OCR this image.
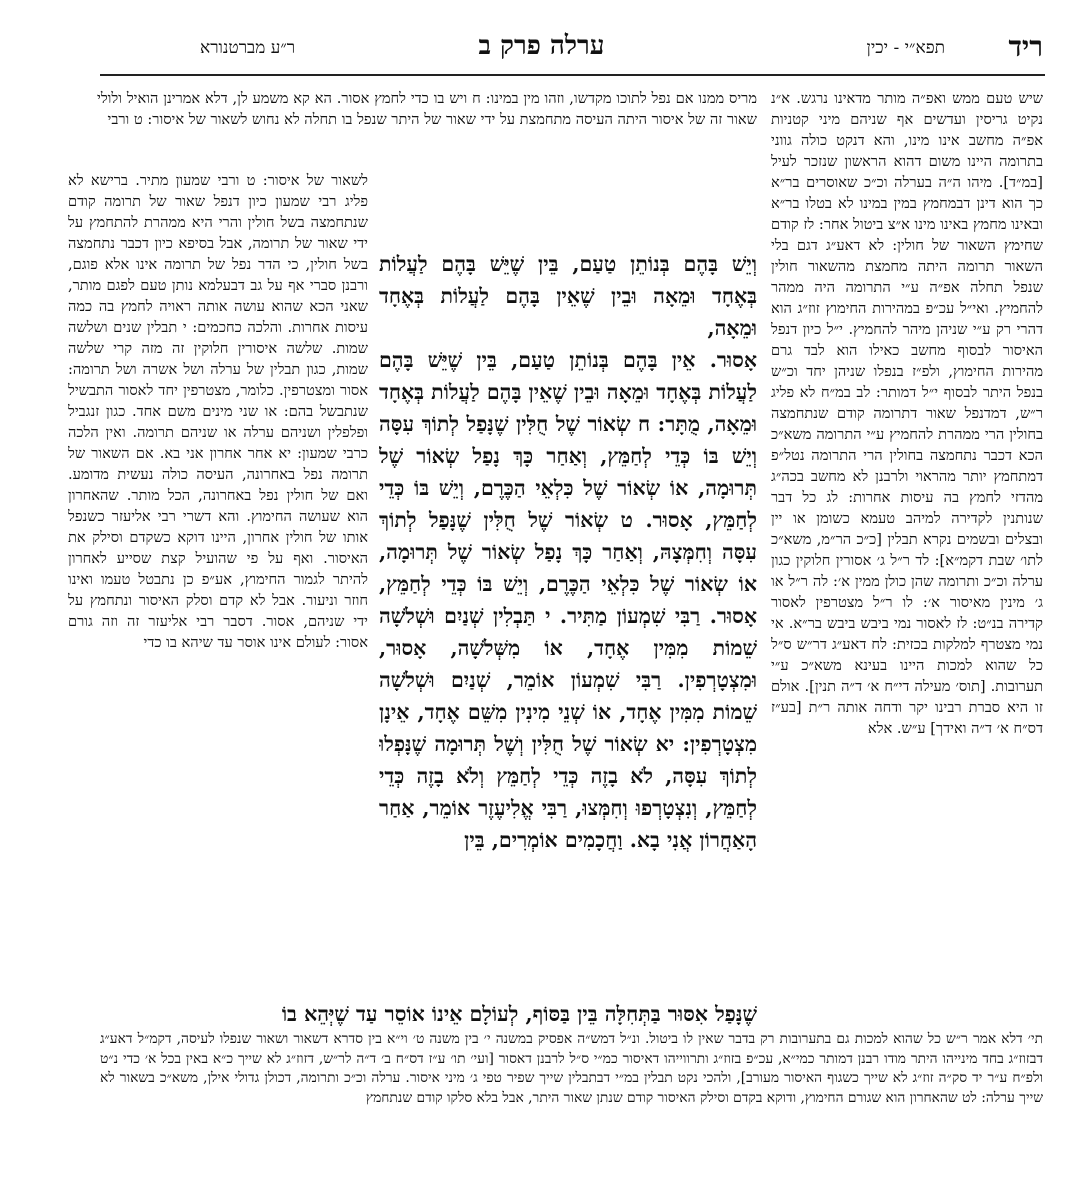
ריד
תפא״י - יכין
ערלה פרק ב
ר״ע מברטנורא

שיש טעם ממש ואפ״ה מותר מדאינו נרגש. א״נ נקיט גריסין ועדשים אף שניהם מיני קטניות אפ״ה מחשב אינו מינו, והא דנקט כולה גווני בתרומה היינו משום דהוא הראשון שנזכר לעיל [במ״ד]. מיהו ה״ה בערלה וכ״כ שאוסרים בר״א כך הוא דינן דבמחמץ במין במינו לא בטלו בר״א ובאינו מחמץ באינו מינו א״צ ביטול אחר: לז קודם שחימץ השאור של חולין: לא דאע״ג דגם בלי השאור תרומה היתה מחמצת מהשאור חולין שנפל תחלה אפ״ה ע״י התרומה היה ממהר להחמיץ. ואי״ל עכ״פ במהירות החימוץ זוז״ג הוא דהרי רק ע״י שניהן מיהר להחמיץ. י״ל כיון דנפל האיסור לבסוף מחשב כאילו הוא לבד גרם מהירות החימוץ, ולפ״ז בנפלו שניהן יחד וכ״ש בנפל היתר לבסוף י״ל דמותר: לב במ״ח לא פליג ר״ש, דמדנפל שאור דתרומה קודם שנתחמצה בחולין הרי ממהרת להחמיץ ע״י התרומה משא״כ הכא דכבר נתחמצה בחולין הרי התרומה נטל״פ דמתחמץ יותר מהראוי ולרבנן לא מחשב בכה״ג מהדזי לחמץ בה עיסות אחרות: לג כל דבר שנותנין לקדירה למיהב טעמא כשומן או יין ובצלים ובשמים נקרא תבלין [כ״כ הר״מ, משא״כ לתו׳ שבת דקמ״א]: לד ר״ל ג׳ אסורין חלוקין כגון ערלה וכ״כ ותרומה שהן כולן ממין א׳: לה ר״ל או ג׳ מינין מאיסור א׳: לו ר״ל מצטרפין לאסור קדירה בנ״ט: לז לאסור נמי ביבש ביבש בר״א. אי נמי מצטרף למלקות בכזית: לח דאע״ג דר״ש ס״ל כל שהוא למכות היינו בעינא משא״כ ע״י תערובות. [תוס׳ מעילה די״ח א׳ ד״ה תנין]. אולם זו היא סברת רבינו יקר ודחה אותה ר״ת [בע״ז דס״ח א׳ ד״ה ואידך] ע״ש. אלא

מריס ממנו אם נפל לתוכו מקדשו, וזהו מין במינו: ח ויש בו כדי לחמץ אסור. הא קא משמע לן, דלא אמרינן הואיל ולולי שאור זה של איסור היתה העיסה מתחמצת על ידי שאור של היתר שנפל בו תחלה לא נחוש לשאור של איסור: ט ורבי

וְיֵשׁ בָּהֶם בְּנוֹתֵן טַעַם, בֵּין שֶׁיֵּשׁ בָּהֶם לַעֲלוֹת בְּאֶחָד וּמֵאָה וּבֵין שֶׁאֵין בָּהֶם לַעֲלוֹת בְּאֶחָד וּמֵאָה,

אָסוּר. אֵין בָּהֶם בְּנוֹתֵן טַעַם, בֵּין שֶׁיֵּשׁ בָּהֶם לַעֲלוֹת בְּאֶחָד וּמֵאָה וּבֵין שֶׁאֵין בָּהֶם לַעֲלוֹת בְּאֶחָד וּמֵאָה, מֻתָּר: ח שְׂאוֹר שֶׁל חֻלִּין שֶׁנָּפַל לְתוֹךְ עִסָּה וְיֵשׁ בּוֹ כְּדֵי לְחַמֵּץ, וְאַחַר כָּךְ נָפַל שְׂאוֹר שֶׁל תְּרוּמָה, אוֹ שְׂאוֹר שֶׁל כִּלְאֵי הַכֶּרֶם, וְיֵשׁ בּוֹ כְּדֵי לְחַמֵּץ, אָסוּר. ט שְׂאוֹר שֶׁל חֻלִּין שֶׁנָּפַל לְתוֹךְ עִסָּה וְחִמְּצָהּ, וְאַחַר כָּךְ נָפַל שְׂאוֹר שֶׁל תְּרוּמָה, אוֹ שְׂאוֹר שֶׁל כִּלְאֵי הַכֶּרֶם, וְיֵשׁ בּוֹ כְּדֵי לְחַמֵּץ, אָסוּר. רַבִּי שִׁמְעוֹן מַתִּיר. י תַּבְלִין שְׁנַיִם וּשְׁלֹשָׁה שֵׁמוֹת מִמִּין אֶחָד, אוֹ מִשְּׁלֹשָׁה, אָסוּר, וּמִצְטָרְפִין. רַבִּי שִׁמְעוֹן אוֹמֵר, שְׁנַיִם וּשְׁלֹשָׁה שֵׁמוֹת מִמִּין אֶחָד, אוֹ שְׁנֵי מִינִין מִשֵּׁם אֶחָד, אֵינָן מִצְטָרְפִין: יא שְׂאוֹר שֶׁל חֻלִּין וְשֶׁל תְּרוּמָה שֶׁנָּפְלוּ לְתוֹךְ עִסָּה, לֹא בָזֶה כְּדֵי לְחַמֵּץ וְלֹא בָזֶה כְּדֵי לְחַמֵּץ, וְנִצְטָרְפוּ וְחִמְּצוּ, רַבִּי אֱלִיעֶזֶר אוֹמֵר, אַחַר הָאַחֲרוֹן אֲנִי בָא. וַחֲכָמִים אוֹמְרִים, בֵּין

לשאור של איסור: ט ורבי שמעון מתיר. ברישא לא פליג רבי שמעון כיון דנפל שאור של תרומה קודם שנתחמצה בשל חולין והרי היא ממהרת להתחמץ על ידי שאור של תרומה, אבל בסיפא כיון דכבר נתחמצה בשל חולין, כי הדר נפל של תרומה אינו אלא פוגם, ורבנן סברי אף על גב דבעלמא נותן טעם לפגם מותר, שאני הכא שהוא עושה אותה ראויה לחמץ בה כמה עיסות אחרות. והלכה כחכמים: י תבלין שנים ושלשה שמות. שלשה איסורין חלוקין זה מזה קרי שלשה שמות, כגון תבלין של ערלה ושל אשרה ושל תרומה: אסור ומצטרפין. כלומר, מצטרפין יחד לאסור התבשיל שנתבשל בהם: או שני מינים משם אחד. כגון זנגביל ופלפלין ושניהם ערלה או שניהם תרומה. ואין הלכה כרבי שמעון: יא אחר אחרון אני בא. אם השאור של תרומה נפל באחרונה, העיסה כולה נעשית מדומע. ואם של חולין נפל באחרונה, הכל מותר. שהאחרון הוא שעושה החימוץ. והא דשרי רבי אליעזר כשנפל אותו של חולין אחרון, היינו דוקא כשקדם וסילק את האיסור. ואף על פי שהועיל קצת שסייע לאחרון להיתר לגמור החימוץ, אע״פ כן נתבטל טעמו ואינו חוזר וניעור. אבל לא קדם וסלק האיסור ונתחמץ על ידי שניהם, אסור. דסבר רבי אליעזר זה וזה גורם אסור: לעולם אינו אוסר עד שיהא בו כדי

שֶׁנָּפַל אִסּוּר בַּתְּחִלָּה בֵּין בַּסּוֹף, לְעוֹלָם אֵינוֹ אוֹסֵר עַד שֶׁיְּהֵא בוֹ

תי׳ דלא אמר ר״ש כל שהוא למכות גם בתערובות רק בדבר שאין לו ביטול. ונ״ל דמש״ה אפסיק במשנה י׳ בין משנה ט׳ וי״א בין סדרא דשאור ושאור שנפלו לעיסה, דקמ״ל דאע״ג דבזוז״ג בחד מינייהו היתר מודו רבנן דמותר כמי״א, עכ״פ בזוז״ג ותרווייהו דאיסור כמ״י ס״ל לרבנן דאסור [ועי׳ תו׳ ע״ז דס״ח ב׳ ד״ה לר״ש, דזוז״ג לא שייך כ״א באין בכל א׳ כדי נ״ט ולפ״ח ע״ר יד סק״ה זוז״ג לא שייך כשגוף האיסור מעורב], ולהכי נקט תבלין במ״י דבתבלין שייך שפיר טפי ג׳ מיני איסור. ערלה וכ״כ ותרומה, דכולן גדולי אילן, משא״כ בשאור לא שייך ערלה: לט שהאחרון הוא שגורם החימוץ, ודוקא בקדם וסילק האיסור קודם שנתן שאור היתר, אבל בלא סלקו קודם שנתחמץ
